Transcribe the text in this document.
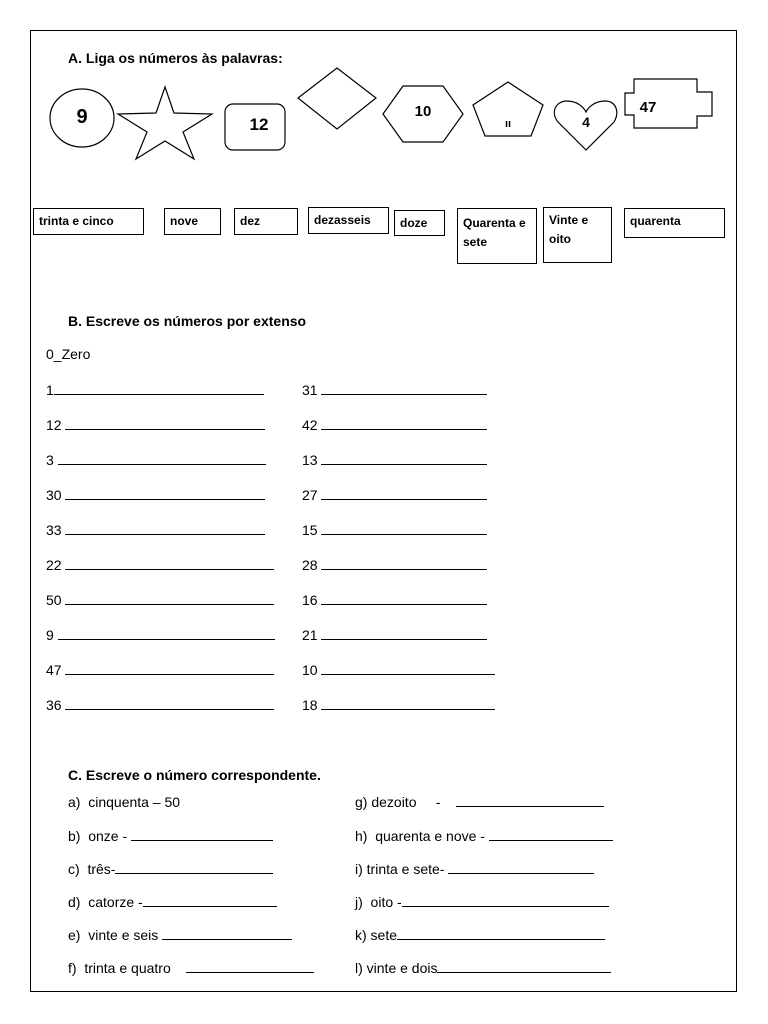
A. Liga os números às palavras:
9	12
10
ıı	4
47
trinta e cinco	nove	dez	dezasseis	doze	Quarenta e sete
Vinte e oito
quarenta
B. Escreve os números por extenso
0_Zero
1
12
3
30
33
22
50
9
47
36
31
42
13
27
15
28
16
21
10
18
C. Escreve o número correspondente.
a) cinquenta – 50
b) onze -
c) três-
d) catorze -
e) vinte e seis
f) trinta e quatro
g) dezoito     -
h)  quarenta e nove -
i) trinta e sete-
j)  oito -
k) sete
l) vinte e dois
